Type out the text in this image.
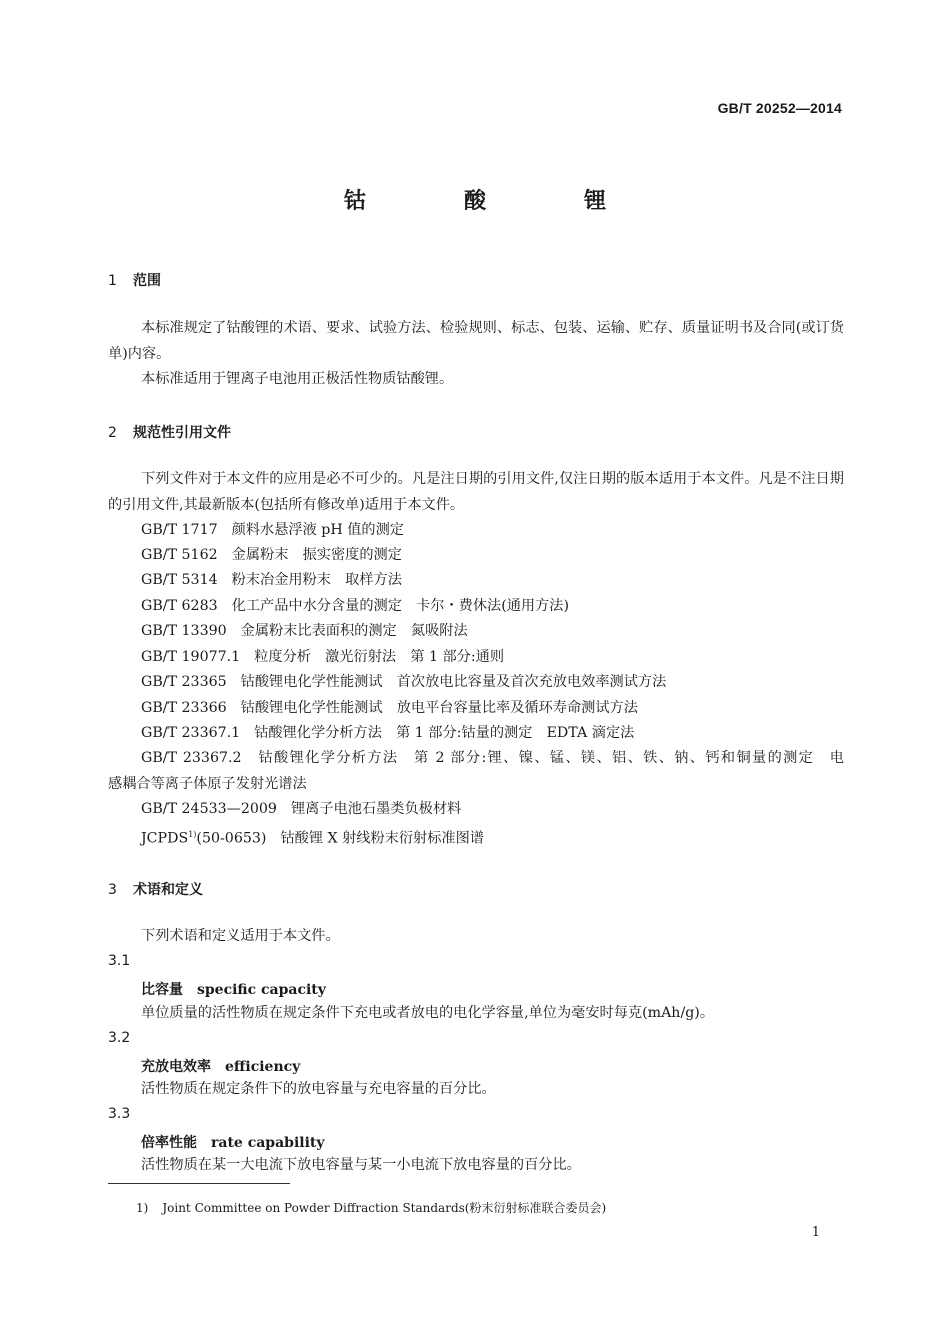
GB/T 20252—2014
钴　酸　锂
1 范围
本标准规定了钴酸锂的术语、要求、试验方法、检验规则、标志、包装、运输、贮存、质量证明书及合同(或订货单)内容。
本标准适用于锂离子电池用正极活性物质钴酸锂。
2 规范性引用文件
下列文件对于本文件的应用是必不可少的。凡是注日期的引用文件,仅注日期的版本适用于本文件。凡是不注日期的引用文件,其最新版本(包括所有修改单)适用于本文件。
GB/T 1717 颜料水悬浮液 pH 值的测定
GB/T 5162 金属粉末　振实密度的测定
GB/T 5314 粉末冶金用粉末　取样方法
GB/T 6283 化工产品中水分含量的测定　卡尔・费休法(通用方法)
GB/T 13390 金属粉末比表面积的测定　氮吸附法
GB/T 19077.1 粒度分析　激光衍射法　第 1 部分:通则
GB/T 23365 钴酸锂电化学性能测试　首次放电比容量及首次充放电效率测试方法
GB/T 23366 钴酸锂电化学性能测试　放电平台容量比率及循环寿命测试方法
GB/T 23367.1 钴酸锂化学分析方法　第 1 部分:钴量的测定　EDTA 滴定法
GB/T 23367.2　 钴酸锂化学分析方法　第 2 部分:锂、镍、锰、镁、铝、铁、钠、钙和铜量的测定　电
感耦合等离子体原子发射光谱法
GB/T 24533—2009 锂离子电池石墨类负极材料
JCPDS$^{1)}$(50-0653) 钴酸锂 X 射线粉末衍射标准图谱
3 术语和定义
下列术语和定义适用于本文件。
3.1
比容量 specific capacity
单位质量的活性物质在规定条件下充电或者放电的电化学容量,单位为毫安时每克(mAh/g)。
3.2
充放电效率 efficiency
活性物质在规定条件下的放电容量与充电容量的百分比。
3.3
倍率性能 rate capability
活性物质在某一大电流下放电容量与某一小电流下放电容量的百分比。
1) Joint Committee on Powder Diffraction Standards(粉末衍射标准联合委员会)
1
